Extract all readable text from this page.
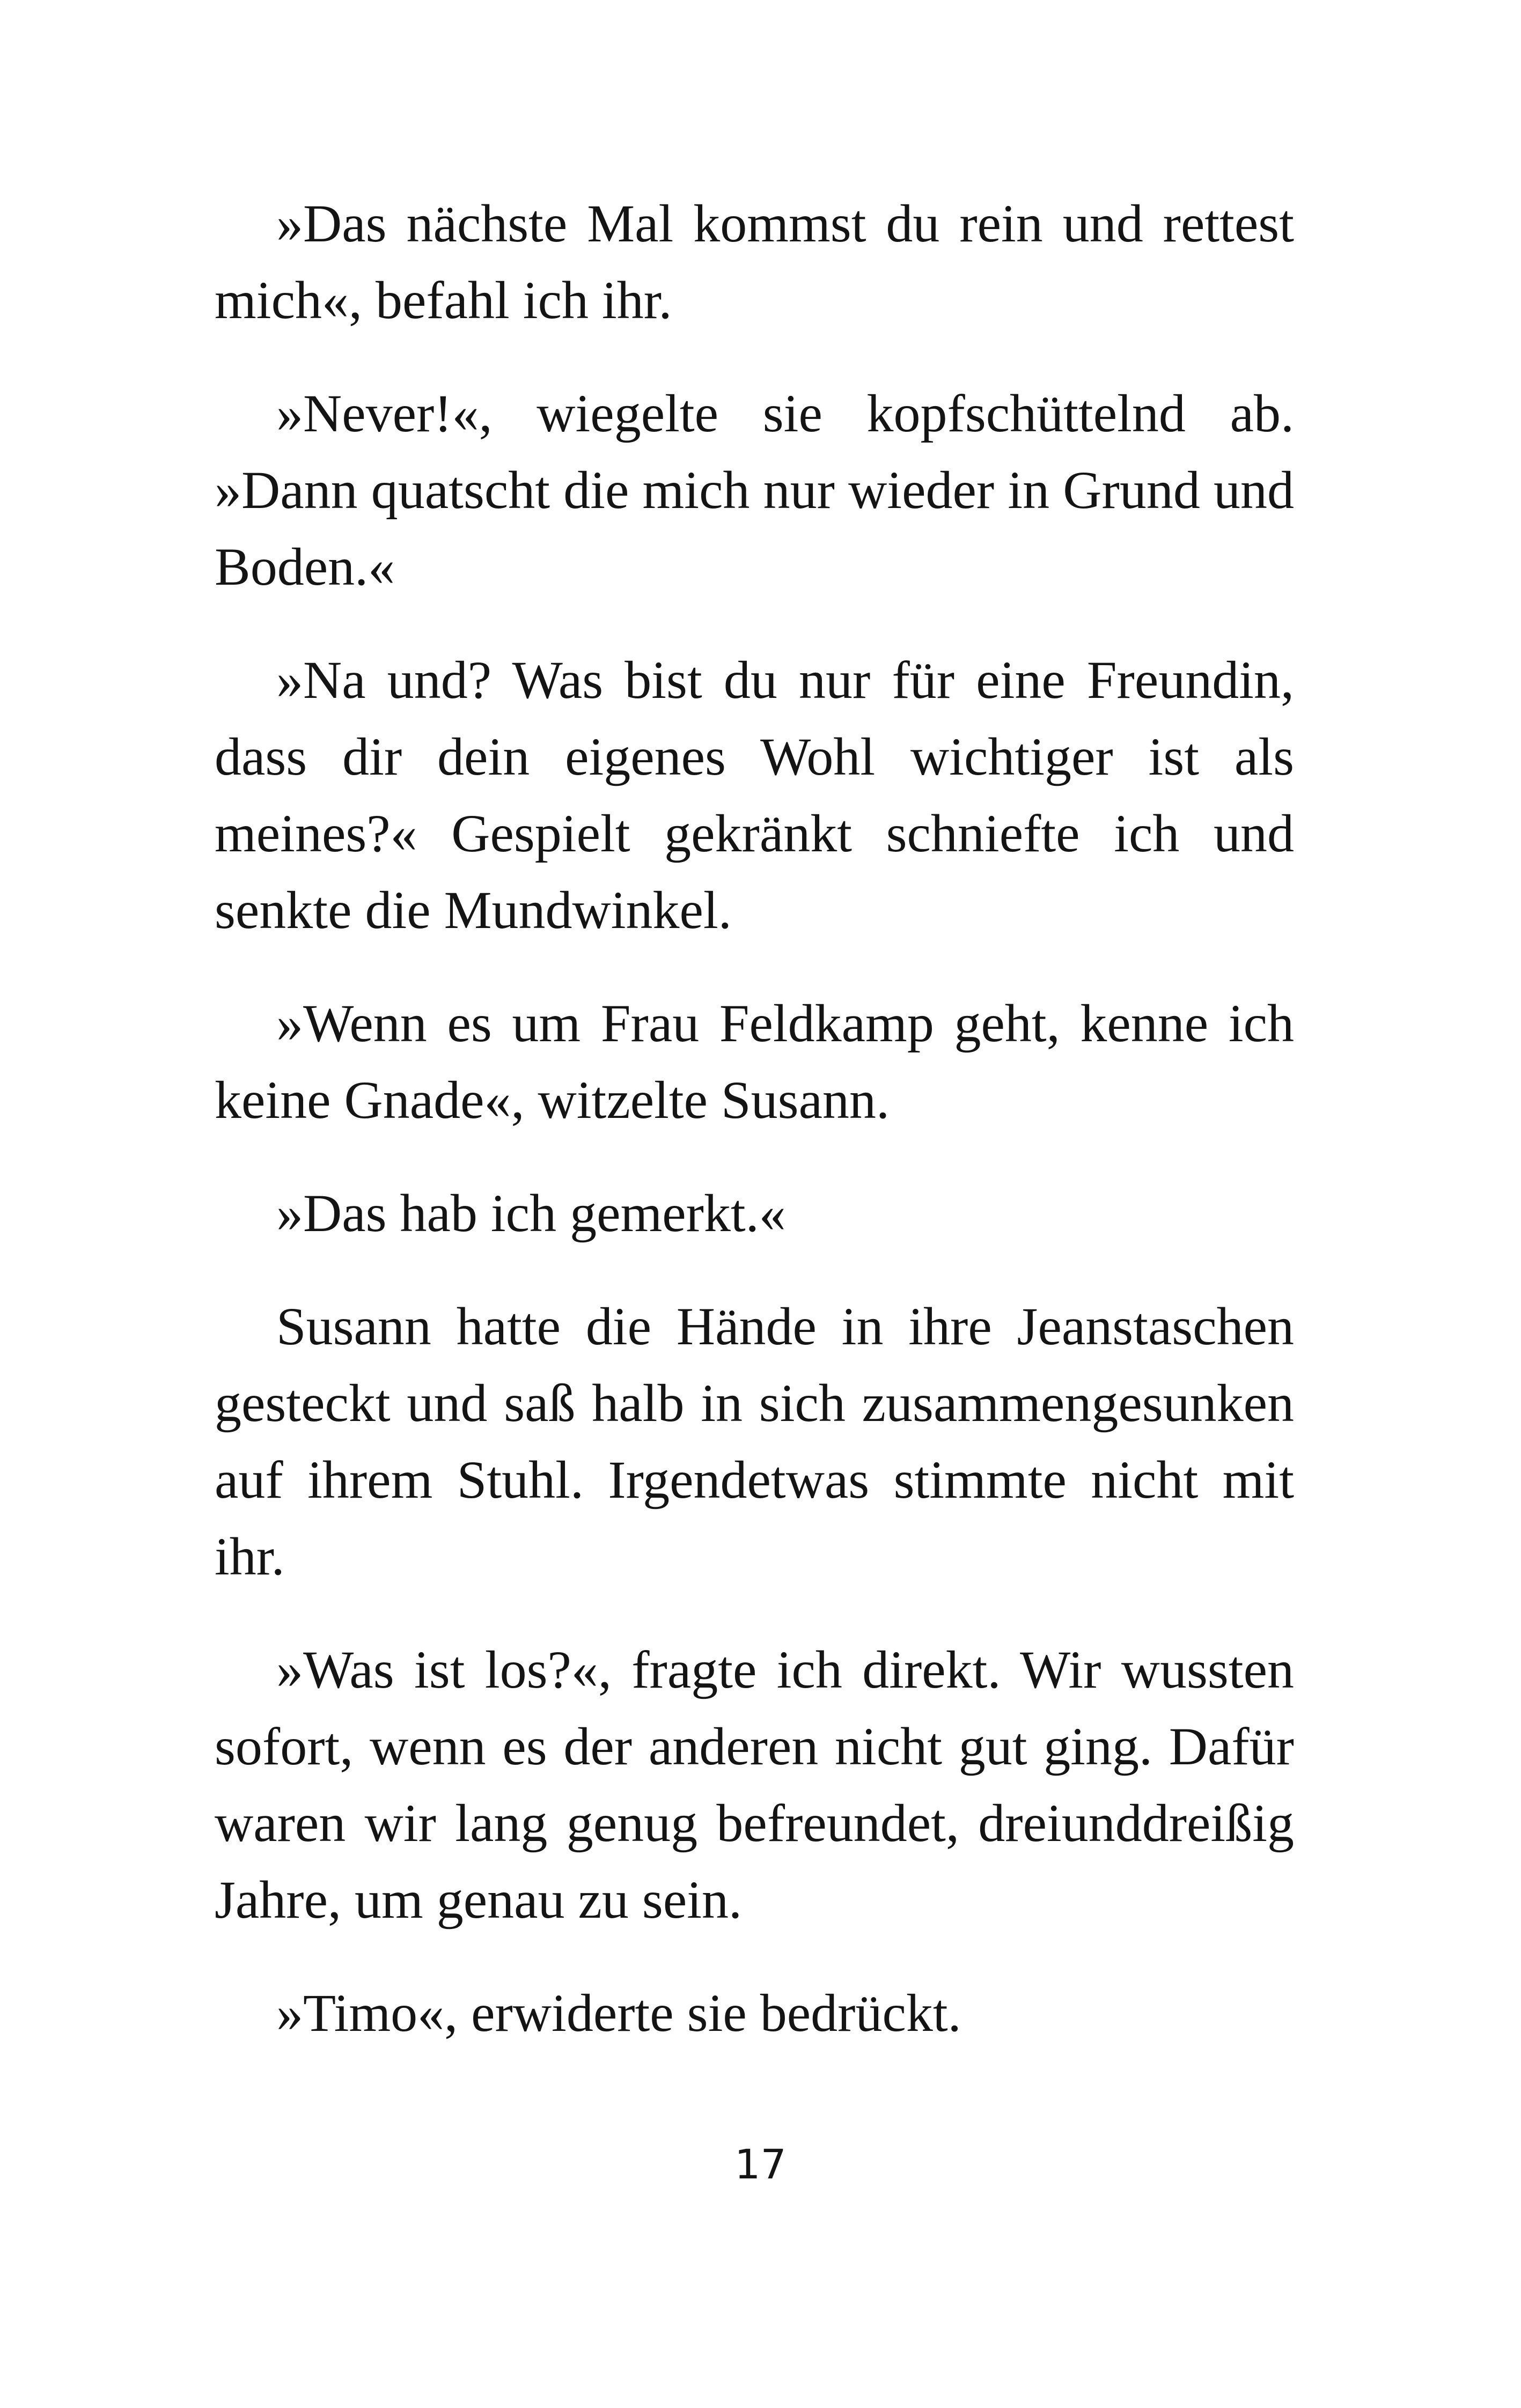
»Das nächste Mal kommst du rein und rettest mich«, befahl ich ihr.

»Never!«, wiegelte sie kopfschüttelnd ab. »Dann quatscht die mich nur wieder in Grund und Boden.«

»Na und? Was bist du nur für eine Freundin, dass dir dein eigenes Wohl wichtiger ist als meines?« Gespielt gekränkt schniefte ich und senkte die Mundwinkel.

»Wenn es um Frau Feldkamp geht, kenne ich keine Gnade«, witzelte Susann.

»Das hab ich gemerkt.«

Susann hatte die Hände in ihre Jeanstaschen gesteckt und saß halb in sich zusammengesunken auf ihrem Stuhl. Irgendetwas stimmte nicht mit ihr.

»Was ist los?«, fragte ich direkt. Wir wussten sofort, wenn es der anderen nicht gut ging. Dafür waren wir lang genug befreundet, dreiunddreißig Jahre, um genau zu sein.

»Timo«, erwiderte sie bedrückt.

17
